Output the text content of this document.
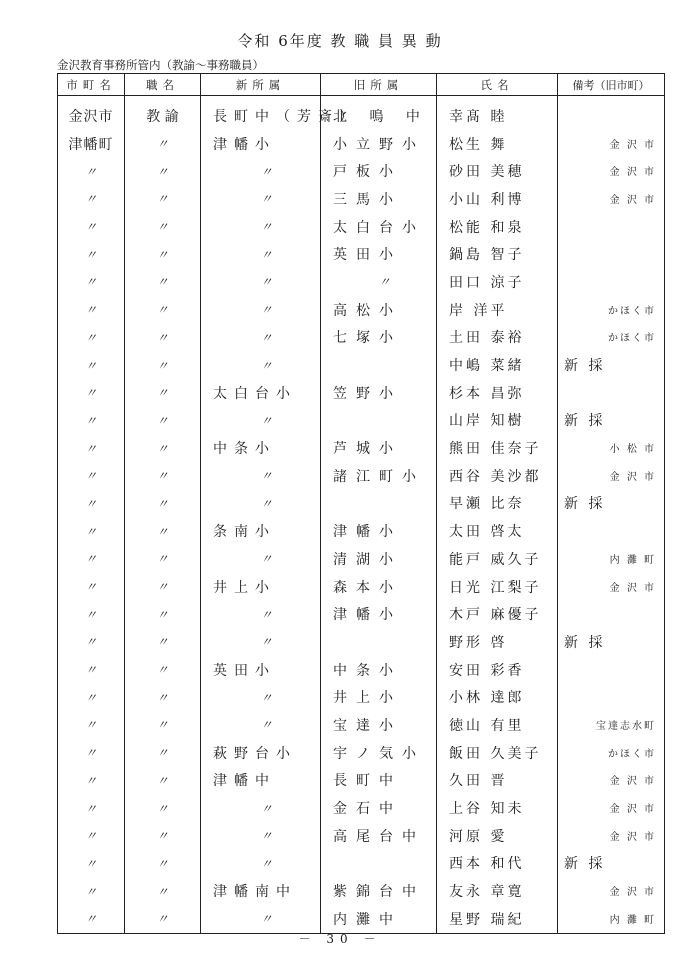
令和 6年度 教 職 員 異 動
金沢教育事務所管内（教諭～事務職員）
市町名	職名	新所属	旧所属	氏名	備考（旧市町）
金沢市	教 諭	長町中（芳斎）	北 鳴 中	幸髙 睦	

津幡町	〃	津幡小	小立野小	松生 舞	金 沢 市

〃	〃	〃	戸板小	砂田 美穂	金 沢 市

〃	〃	〃	三馬小	小山 利博	金 沢 市

〃	〃	〃	太白台小	松能 和泉	

〃	〃	〃	英田小	鍋島 智子	

〃	〃	〃	〃	田口 涼子	

〃	〃	〃	高松小	岸 洋平	かほく市

〃	〃	〃	七塚小	土田 泰裕	かほく市

〃	〃	〃		中嶋 菜緒	新 採
〃	〃	太白台小	笠野小	杉本 昌弥	

〃	〃	〃		山岸 知樹	新 採
〃	〃	中条小	芦城小	熊田 佳奈子	小 松 市

〃	〃	〃	諸江町小	西谷 美沙都	金 沢 市

〃	〃	〃		早瀬 比奈	新 採
〃	〃	条南小	津幡小	太田 啓太	

〃	〃	〃	清湖小	能戸 威久子	内 灘 町

〃	〃	井上小	森本小	日光 江梨子	金 沢 市

〃	〃	〃	津幡小	木戸 麻優子	

〃	〃	〃		野形 啓	新 採
〃	〃	英田小	中条小	安田 彩香	

〃	〃	〃	井上小	小林 達郎	

〃	〃	〃	宝達小	徳山 有里	宝達志水町

〃	〃	萩野台小	宇ノ気小	飯田 久美子	かほく市

〃	〃	津幡中	長町中	久田 晋	金 沢 市

〃	〃	〃	金石中	上谷 知未	金 沢 市

〃	〃	〃	高尾台中	河原 愛	金 沢 市

〃	〃	〃		西本 和代	新 採
〃	〃	津幡南中	紫錦台中	友永 章寛	金 沢 市

〃	〃	〃	内灘中	星野 瑞紀	内 灘 町
－ 30 －
